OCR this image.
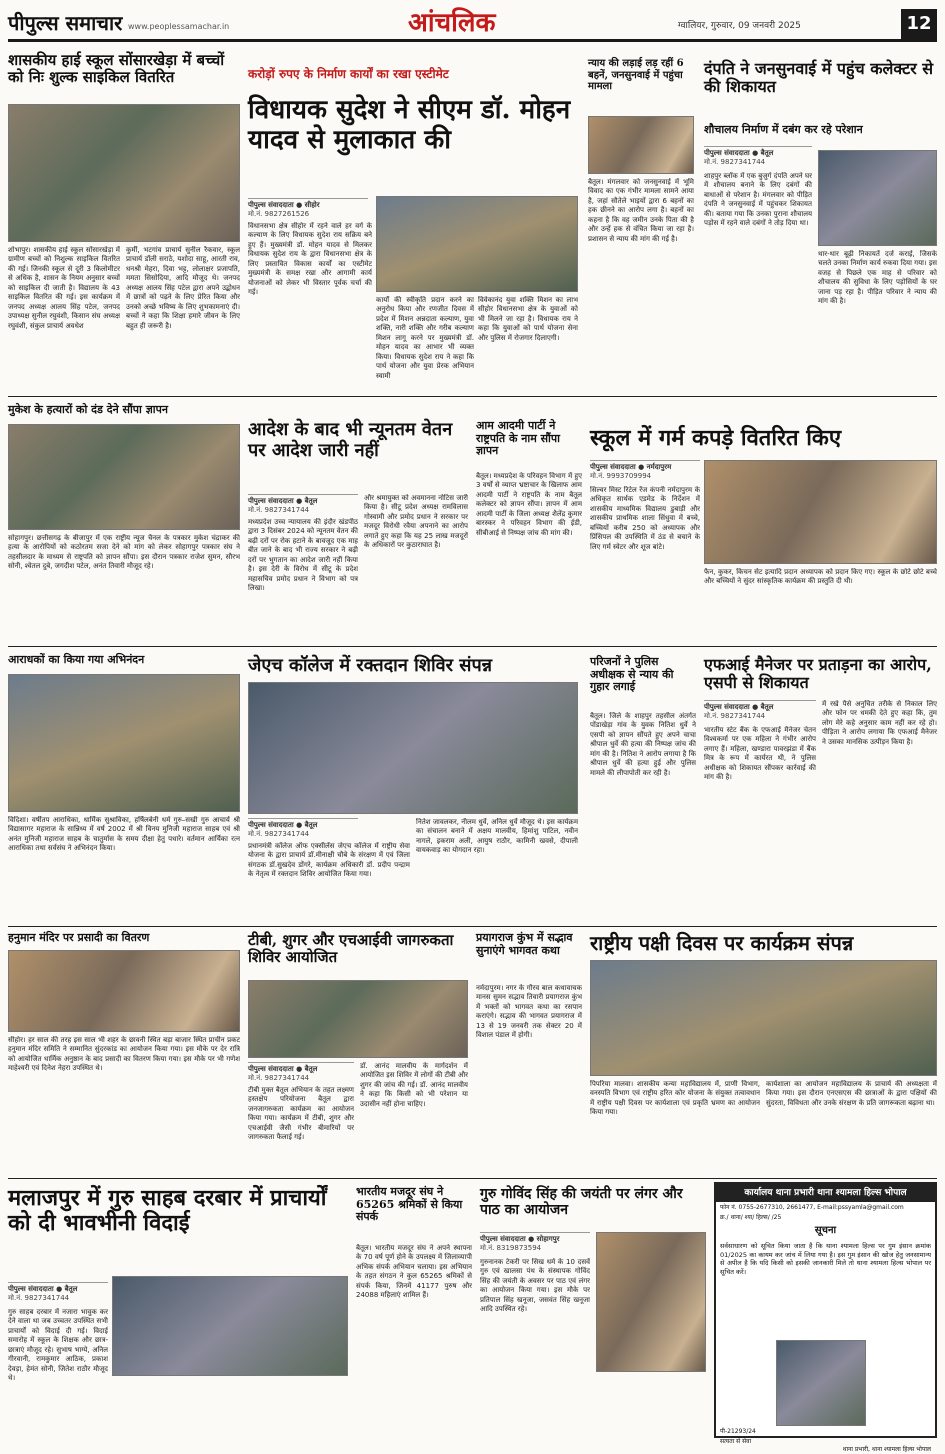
पीपुल्स समाचार www.peoplessamachar.in	आंचलिक	ग्वालियर, गुरुवार, 09 जनवरी 2025	12
शासकीय हाई स्कूल सोंसारखेड़ा में बच्चों को निः शुल्क साइकिल वितरित
शोभापुर। शासकीय हाई स्कूल सोंसारखेड़ा में ग्रामीण बच्चों को निशुल्क साइकिल वितरित की गई। जिनकी स्कूल से दूरी 3 किलोमीटर से अधिक है, शासन के नियम अनुसार बच्चों को साइकिल दी जाती है। विद्यालय के 43 साइकिल वितरित की गई। इस कार्यक्रम में जनपद अध्यक्ष आलय सिंह पटेल, जनपद उपाध्यक्ष सुनील रघुवंशी, किसान संघ अध्यक्ष रघुवंशी, संकुल प्राचार्य अवधेश
कुर्मी, भटगांव प्राचार्य सुनील रैकवार, स्कूल प्राचार्य डॉली सराठे, यशोदा साहू, आरती राव, धनश्री मेहरा, दिवा भट्ट, लोलाक्षर प्रजापति, ममता सिसोदिया, आदि मौजूद थे। जनपद अध्यक्ष आलय सिंह पटेल द्वारा अपने उद्बोधन में छात्रों को पढ़ने के लिए प्रेरित किया और उनको अच्छे भविष्य के लिए शुभकामनाएं दी। बच्चों ने कहा कि शिक्षा हमारे जीवन के लिए बहुत ही जरूरी है।
करोड़ों रुपए के निर्माण कार्यों का रखा एस्टीमेट
विधायक सुदेश ने सीएम डॉ. मोहन यादव से मुलाकात की
पीपुल्स संवाददाता ● सीहोर
मो.नं. 9827261526
विधानसभा क्षेत्र सीहोर में रहने वाले हर वर्ग के कल्याण के लिए विधायक सुदेश राय सक्रिय बने हुए हैं। मुख्यमंत्री डॉ. मोहन यादव से मिलकर विधायक सुदेश राय के द्वारा विधानसभा क्षेत्र के लिए प्रस्तावित विकास कार्यों का एस्टीमेट मुख्यमंत्री के समक्ष रखा और आगामी कार्य योजनाओं को लेकर भी विस्तार पूर्वक चर्चा की गई।
कार्यों की स्वीकृति प्रदान करने का अनुरोध किया और रणजीत दिवस में प्रदेश में मिशन अन्नदाता कल्याण, युवा शक्ति, नारी शक्ति और गरीब कल्याण मिशन लागू करने पर मुख्यमंत्री डॉ. मोहन यादव का आभार भी व्यक्त किया। विधायक सुदेश राय ने कहा कि पार्थ योजना और युवा प्रेरक अभियान स्वामी
विवेकानंद युवा शक्ति मिशन का लाभ सीहोर विधानसभा क्षेत्र के युवाओं को भी मिलने जा रहा है। विधायक राय ने कहा कि युवाओं को पार्थ योजना सेना और पुलिस में रोजगार दिलाएगी।
न्याय की लड़ाई लड़ रहीं 6 बहनें, जनसुनवाई में पहुंचा मामला
बैतूल। मंगलवार को जनसुनवाई में भूमि विवाद का एक गंभीर मामला सामने आया है, जहां सौतेले भाइयों द्वारा 6 बहनों का हक छीनने का आरोप लगा है। बहनों का कहना है कि वह जमीन उनके पिता की है और उन्हें हक से वंचित किया जा रहा है। प्रशासन से न्याय की मांग की गई है।
दंपति ने जनसुनवाई में पहुंच कलेक्टर से की शिकायत
शौचालय निर्माण में दबंग कर रहे परेशान
पीपुल्स संवाददाता ● बैतूल
मो.नं. 9827341744
शाहपुर ब्लॉक में एक बुजुर्ग दंपति अपने घर में शौचालय बनाने के लिए दबंगों की बाधाओं से परेशान है। मंगलवार को पीड़ित दंपति ने जनसुनवाई में पहुंचकर शिकायत की। बताया गया कि उनका पुराना शौचालय पड़ोस में रहने वाले दबंगों ने तोड़ दिया था।
थार-थार बूढ़ी निकायतें दर्ज कराई, जिसके चलते उनका निर्माण कार्य रुकवा दिया गया। इस वजह से पिछले एक माह से परिवार को शौचालय की सुविधा के लिए पड़ोसियों के घर जाना पड़ रहा है। पीड़ित परिवार ने न्याय की मांग की है।
मुकेश के हत्यारों को दंड देने सौंपा ज्ञापन
सोहागपुर। छत्तीसगढ़ के बीजापुर में एक राष्ट्रीय न्यूज चैनल के पत्रकार मुकेश चंद्राकर की हत्या के आरोपियों को कठोरतम सजा देने को मांग को लेकर सोहागपुर पत्रकार संघ ने तहसीलदार के माध्यम से राष्ट्रपति को ज्ञापन सौंपा। इस दौरान पत्रकार राजेश सुमन, सौरभ सोनी, श्वेतल दुबे, जगदीश पटेल, अनंत तिवारी मौजूद रहे।
आदेश के बाद भी न्यूनतम वेतन पर आदेश जारी नहीं
पीपुल्स संवाददाता ● बैतूल
मो.नं. 9827341744
मध्यप्रदेश उच्च न्यायालय की इंदौर खंडपीठ द्वारा 3 दिसंबर 2024 को न्यूनतम वेतन की बढ़ी दरों पर रोक हटाने के बावजूद एक माह बीत जाने के बाद भी राज्य सरकार ने बढ़ी दरों पर भुगतान का आदेश जारी नहीं किया है। इस देरी के विरोध में सीटू के प्रदेश महासचिव प्रमोद प्रधान ने विभाग को पत्र लिखा।
और श्रमायुक्त को अवमानना नोटिस जारी किया है। सीटू प्रदेश अध्यक्ष रामविलास गोस्वामी और प्रमोद प्रधान ने सरकार पर मजदूर विरोधी रवैया अपनाने का आरोप लगाते हुए कहा कि यह 25 लाख मजदूरों के अधिकारों पर कुठाराघात है।
आम आदमी पार्टी ने राष्ट्रपति के नाम सौंपा ज्ञापन
बैतूल। मध्यप्रदेश के परिवहन विभाग में हुए 3 वर्षों से व्याप्त भ्रष्टाचार के खिलाफ आम आदमी पार्टी ने राष्ट्रपति के नाम बैतूल कलेक्टर को ज्ञापन सौंपा। ज्ञापन में आम आदमी पार्टी के जिला अध्यक्ष शैलेंद्र कुमार बारस्कर ने परिवहन विभाग की ईडी, सीबीआई से निष्पक्ष जांच की मांग की।
स्कूल में गर्म कपड़े वितरित किए
पीपुल्स संवाददाता ● नर्मदापुरम
मो.नं. 9993709994
सिल्वर मिस्ट रिटेल रेंज कंपनी नर्मदापुरम के अधिकृत सार्थक एडमेड के निर्देशन में शासकीय माध्यमिक विद्यालय डुबाड़ी और शासकीय प्राथमिक शाला सिंधुवा में बच्चे, बच्चियों करीब 250 को अध्यापक और प्रिंसिपल की उपस्थिति में ठंड से बचाने के लिए गर्म स्वेटर और शूज बांटे।
फैन, कुकर, किचन सेट इत्यादि प्रदान अध्यापक को प्रदान किए गए। स्कूल के छोटे छोटे बच्चे और बच्चियों ने सुंदर सांस्कृतिक कार्यक्रम की प्रस्तुति दी थी।
आराधकों का किया गया अभिनंदन
विदिशा। वर्षीतप आराधिका, धार्मिक सुश्राविका, हर्षिलबेनी धर्म गुरु–सखी गुरु आचार्य श्री विद्यासागर महाराज के सान्निध्य में वर्ष 2002 में श्री विनय मुनिजी महाराज साहब एवं श्री अनंत मुनिजी महाराज साहब के चातुर्मास के समय दीक्षा हेतु पधारे। वर्तमान आर्यिका रत्न आराधिका तथा सर्वसंघ ने अभिनंदन किया।
जेएच कॉलेज में रक्तदान शिविर संपन्न
पीपुल्स संवाददाता ● बैतूल
मो.नं. 9827341744
प्रधानमंत्री कॉलेज ऑफ एक्सीलेंस जेएच कॉलेज में राष्ट्रीय सेवा योजना के द्वारा प्राचार्य डॉ.मीनाक्षी चौबे के संरक्षण में एवं जिला संगठक डॉ.सुखदेव डोंगरे, कार्यक्रम अधिकारी डॉ. प्रदीप पन्द्राम के नेतृत्व में रक्तदान शिविर आयोजित किया गया।
नितेश जावलकर, नीलम धुर्वे, अनिल धुर्वे मौजूद थे। इस कार्यक्रम का संचालन बनाने में अक्षय मालवीय, हिमांशु पाटिल, नवीन नागले, इकराम अली, आयुष राठौर, कामिनी खवसे, दीपाली वायकवाड़ का योगदान रहा।
परिजनों ने पुलिस अधीक्षक से न्याय की गुहार लगाई
बैतूल। जिले के शाहपुर तहसील अंतर्गत पोंडाखेड़ा गांव के युवक नितिश धुर्वे ने एसपी को ज्ञापन सौंपते हुए अपने चाचा श्रीपाल धुर्वे की हत्या की निष्पक्ष जांच की मांग की है। नितिश ने आरोप लगाया है कि श्रीपाल धुर्वे की हत्या हुई और पुलिस मामले की लीपापोती कर रही है।
एफआई मैनेजर पर प्रताड़ना का आरोप, एसपी से शिकायत
पीपुल्स संवाददाता ● बैतूल
मो.नं. 9827341744
भारतीय स्टेट बैंक के एफआई मैनेजर चेतन विश्वकर्मा पर एक महिला ने गंभीर आरोप लगाए हैं। महिला, खण्डारा पावरझंडा में बैंक मित्र के रूप में कार्यरत थी, ने पुलिस अधीक्षक को शिकायत सौंपकर कार्रवाई की मांग की है।
में रखे पैसे अनुचित तरीके से निकाल लिए और फोन पर धमकी देते हुए कहा कि, तुम लोग मेरे कहे अनुसार काम नहीं कर रहे हो। पीड़िता ने आरोप लगाया कि एफआई मैनेजर ने उसका मानसिक उत्पीड़न किया है।
हनुमान मंदिर पर प्रसादी का वितरण
सीहोर। हर साल की तरह इस साल भी शहर के छावनी स्थित बड़ा बाजार स्थित प्राचीन प्रकट हनुमान मंदिर समिति ने सम्मानित सुंदरकांड का आयोजन किया गया। इस मौके पर देर रात्रि को आयोजित धार्मिक अनुष्ठान के बाद प्रसादी का वितरण किया गया। इस मौके पर भी गणेश माहेश्वरी एवं दिनेश नेहरा उपस्थित थे।
टीबी, शुगर और एचआईवी जागरुकता शिविर आयोजित
पीपुल्स संवाददाता ● बैतूल
मो.नं. 9827341744
टीबी मुक्त बैतूल अभियान के तहत लक्ष्मण हस्तक्षेप परियोजना बैतूल द्वारा जनजागरुकता कार्यक्रम का आयोजन किया गया। कार्यक्रम में टीबी, शुगर और एचआईवी जैसी गंभीर बीमारियों पर जागरुकता फैलाई गई।
डॉ. आनंद मालवीय के मार्गदर्शन में आयोजित इस शिविर में लोगों की टीबी और शुगर की जांच की गई। डॉ. आनंद मालवीय ने कहा कि किसी को भी परेशान या उदासीन नहीं होना चाहिए।
प्रयागराज कुंभ में सद्भाव सुनाएंगे भागवत कथा
नर्मदापुरम। नगर के गौरव बाल कथावाचक मानस सुमन सद्भाव तिवारी प्रयागराज कुंभ में भक्तों को भागवत कथा का रसपान कराएंगे। सद्भाव की भागवत प्रयागराज में 13 से 19 जनवरी तक सेक्टर 20 में विशाल पंडाल में होगी।
राष्ट्रीय पक्षी दिवस पर कार्यक्रम संपन्न
पिपरिया मालवा। शासकीय कन्या महाविद्यालय में, प्राणी विभाग, वनस्पति विभाग एवं राष्ट्रीय हरित कोर योजना के संयुक्त तत्वावधान में राष्ट्रीय पक्षी दिवस पर कार्यशाला एवं प्रकृति भ्रमण का आयोजन किया गया।
कार्यशाला का आयोजन महाविद्यालय के प्राचार्य की अध्यक्षता में किया गया। इस दौरान एनएसएस की छात्राओं के द्वारा पक्षियों की सुंदरता, विविधता और उनके संरक्षण के प्रति जागरूकता बढ़ाना था।
मलाजपुर में गुरु साहब दरबार में प्राचार्यों को दी भावभीनी विदाई
पीपुल्स संवाददाता ● बैतूल
मो.नं. 9827341744
गुरु साहब दरबार में नजारा भावुक कर देने वाला था जब उच्चतर उपस्थित सभी प्राचार्यों को विदाई दी गई। विदाई समारोह में स्कूल के शिक्षक और छात्र-छात्राएं मौजूद रहे। सुभाष भाग्ये, अनिल गीरवानी, रामकुमार आठिक, प्रकाश देवड़ा, हेमंत सोनी, जितेश राठौर मौजूद थे।
भारतीय मजदूर संघ ने 65265 श्रमिकों से किया संपर्क
बैतूल। भारतीय मजदूर संघ ने अपने स्थापना के 70 वर्ष पूर्ण होने के उपलक्ष्य में जिलाव्यापी अभिक संपर्क अभियान चलाया। इस अभियान के तहत संगठन ने कुल 65265 श्रमिकों से संपर्क किया, जिनमें 41177 पुरुष और 24088 महिलाएं शामिल हैं।
गुरु गोविंद सिंह की जयंती पर लंगर और पाठ का आयोजन
पीपुल्स संवाददाता ● सोहागपुर
मो.नं. 8319873594
गुरुनानक टेकरी पर सिख धर्म के 10 दसवें गुरु एवं खालसा पंथ के संस्थापक गोविंद सिंह की जयंती के अवसर पर पाठ एवं लंगर का आयोजन किया गया। इस मौके पर प्रतिपाल सिंह खनूजा, जसवंत सिंह खनूजा आदि उपस्थित रहे।
कार्यालय थाना प्रभारी थाना श्यामला हिल्स भोपाल
फोन नं. 0755-2677310, 2661477, E-mail:pssyamla@gmail.com
क्र./ थाना/ श्या/ हिल्स/ /25
सूचना
सर्वसाधारण को सूचित किया जाता है कि थाना श्यामला हिल्स पर गुम इंसान क्रमांक 01/2025 का कायम कर जांच में लिया गया है। इस गुम इंसान की खोज हेतु जनसामान्य से अपील है कि यदि किसी को इसकी जानकारी मिले तो थाना श्यामला हिल्स भोपाल पर सूचित करें।
पी-21293/24
सत्यता से सेवा
थाना प्रभारी, थाना श्यामला हिल्स भोपाल
